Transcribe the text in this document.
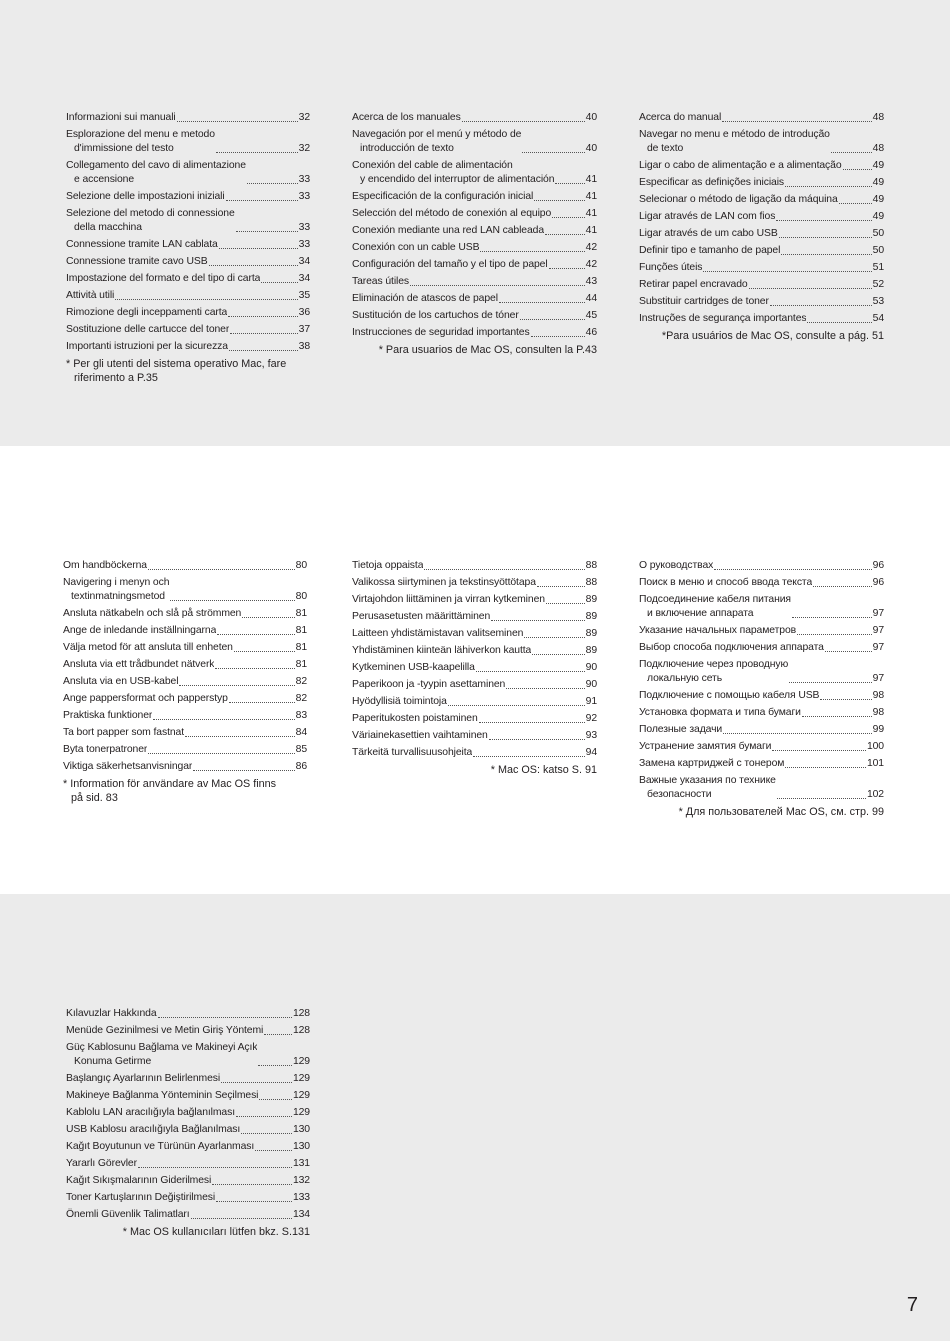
Informazioni sui manuali	32
Esplorazione del menu e metodo
d'immissione del testo	32
Collegamento del cavo di alimentazione
e accensione	33
Selezione delle impostazioni iniziali	33
Selezione del metodo di connessione
della macchina	33
Connessione tramite LAN cablata	33
Connessione tramite cavo USB	34
Impostazione del formato e del tipo di carta	34
Attività utili	35
Rimozione degli inceppamenti carta	36
Sostituzione delle cartucce del toner	37
Importanti istruzioni per la sicurezza	38
* Per gli utenti del sistema operativo Mac, fare
riferimento a P.35
Acerca de los manuales	40
Navegación por el menú y método de
introducción de texto	40
Conexión del cable de alimentación
y encendido del interruptor de alimentación	41
Especificación de la configuración inicial	41
Selección del método de conexión al equipo	41
Conexión mediante una red LAN cableada	41
Conexión con un cable USB	42
Configuración del tamaño y el tipo de papel	42
Tareas útiles	43
Eliminación de atascos de papel	44
Sustitución de los cartuchos de tóner	45
Instrucciones de seguridad importantes	46
* Para usuarios de Mac OS, consulten la P.43
Acerca do manual	48
Navegar no menu e método de introdução
de texto	48
Ligar o cabo de alimentação e a alimentação	49
Especificar as definições iniciais	49
Selecionar o método de ligação da máquina	49
Ligar através de LAN com fios	49
Ligar através de um cabo USB	50
Definir tipo e tamanho de papel	50
Funções úteis	51
Retirar papel encravado	52
Substituir cartridges de toner	53
Instruções de segurança importantes	54
*Para usuários de Mac OS, consulte a pág. 51
Om handböckerna	80
Navigering i menyn och
textinmatningsmetod	80
Ansluta nätkabeln och slå på strömmen	81
Ange de inledande inställningarna	81
Välja metod för att ansluta till enheten	81
Ansluta via ett trådbundet nätverk	81
Ansluta via en USB-kabel	82
Ange pappersformat och papperstyp	82
Praktiska funktioner	83
Ta bort papper som fastnat	84
Byta tonerpatroner	85
Viktiga säkerhetsanvisningar	86
* Information för användare av Mac OS finns
på sid. 83
Tietoja oppaista	88
Valikossa siirtyminen ja tekstinsyöttötapa	88
Virtajohdon liittäminen ja virran kytkeminen	89
Perusasetusten määrittäminen	89
Laitteen yhdistämistavan valitseminen	89
Yhdistäminen kiinteän lähiverkon kautta	89
Kytkeminen USB-kaapelilla	90
Paperikoon ja -tyypin asettaminen	90
Hyödyllisiä toimintoja	91
Paperitukosten poistaminen	92
Väriainekasettien vaihtaminen	93
Tärkeitä turvallisuusohjeita	94
* Mac OS: katso S. 91
О руководствах	96
Поиск в меню и способ ввода текста	96
Подсоединение кабеля питания
и включение аппарата	97
Указание начальных параметров	97
Выбор способа подключения аппарата	97
Подключение через проводную
локальную сеть	97
Подключение с помощью кабеля USB	98
Установка формата и типа бумаги	98
Полезные задачи	99
Устранение замятия бумаги	100
Замена картриджей с тонером	101
Важные указания по технике
безопасности	102
* Для пользователей Mac OS, см. стр. 99
Kılavuzlar Hakkında	128
Menüde Gezinilmesi ve Metin Giriş Yöntemi	128
Güç Kablosunu Bağlama ve Makineyi Açık
Konuma Getirme	129
Başlangıç Ayarlarının Belirlenmesi	129
Makineye Bağlanma Yönteminin Seçilmesi	129
Kablolu LAN aracılığıyla bağlanılması	129
USB Kablosu aracılığıyla Bağlanılması	130
Kağıt Boyutunun ve Türünün Ayarlanması	130
Yararlı Görevler	131
Kağıt Sıkışmalarının Giderilmesi	132
Toner Kartuşlarının Değiştirilmesi	133
Önemli Güvenlik Talimatları	134
* Mac OS kullanıcıları lütfen bkz. S.131
7
